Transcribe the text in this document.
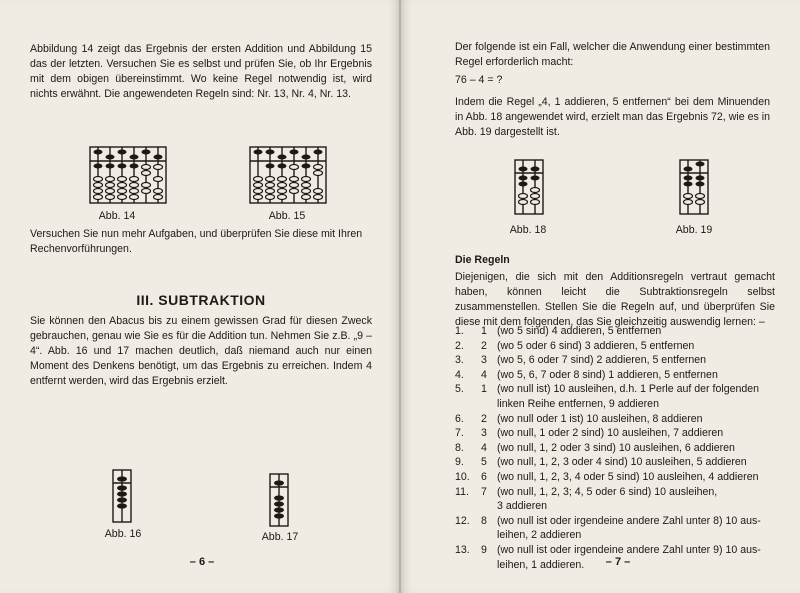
Abbildung 14 zeigt das Ergebnis der ersten Addition und Abbildung 15 das der letzten. Versuchen Sie es selbst und prüfen Sie, ob Ihr Ergebnis mit dem obigen übereinstimmt. Wo keine Regel notwendig ist, wird nichts erwähnt. Die angewendeten Regeln sind: Nr. 13, Nr. 4, Nr. 13.

Abb. 14	Abb. 15

Versuchen Sie nun mehr Aufgaben, und überprüfen Sie diese mit Ihren Rechenvorführungen.

III. SUBTRAKTION

Sie können den Abacus bis zu einem gewissen Grad für diesen Zweck gebrauchen, genau wie Sie es für die Addition tun. Nehmen Sie z.B. „9 – 4“. Abb. 16 und 17 machen deutlich, daß niemand auch nur einen Moment des Denkens benötigt, um das Ergebnis zu erreichen. Indem 4 entfernt werden, wird das Ergebnis erzielt.

Abb. 16	Abb. 17
– 6 –

Der folgende ist ein Fall, welcher die Anwendung einer bestimmten Regel erforderlich macht:

76 – 4 = ?

Indem die Regel „4, 1 addieren, 5 entfernen“ bei dem Minuenden in Abb. 18 angewendet wird, erzielt man das Ergebnis 72, wie es in Abb. 19 dargestellt ist.

Abb. 18	Abb. 19
Die Regeln

Diejenigen, die sich mit den Additionsregeln vertraut gemacht haben, können leicht die Subtraktionsregeln selbst zusammenstellen. Stellen Sie die Regeln auf, und überprüfen Sie diese mit dem folgenden, das Sie gleichzeitig auswendig lernen: –

1.	1 (wo 5 sind) 4 addieren, 5 entfernen
2.	2 (wo 5 oder 6 sind) 3 addieren, 5 entfernen
3.	3 (wo 5, 6 oder 7 sind) 2 addieren, 5 entfernen
4.	4 (wo 5, 6, 7 oder 8 sind) 1 addieren, 5 entfernen
5.	1 (wo null ist) 10 ausleihen, d.h. 1 Perle auf der folgenden
linken Reihe entfernen, 9 addieren
6.	2 (wo null oder 1 ist) 10 ausleihen, 8 addieren
7.	3 (wo null, 1 oder 2 sind) 10 ausleihen, 7 addieren
8.	4 (wo null, 1, 2 oder 3 sind) 10 ausleihen, 6 addieren
9.	5 (wo null, 1, 2, 3 oder 4 sind) 10 ausleihen, 5 addieren
10.	6 (wo null, 1, 2, 3, 4 oder 5 sind) 10 ausleihen, 4 addieren
11.	7 (wo null, 1, 2, 3; 4, 5 oder 6 sind) 10 ausleihen,
3 addieren
12.	8 (wo null ist oder irgendeine andere Zahl unter 8) 10 aus-
leihen, 2 addieren
13.	9 (wo null ist oder irgendeine andere Zahl unter 9) 10 aus-
leihen, 1 addieren.	– 7 –
